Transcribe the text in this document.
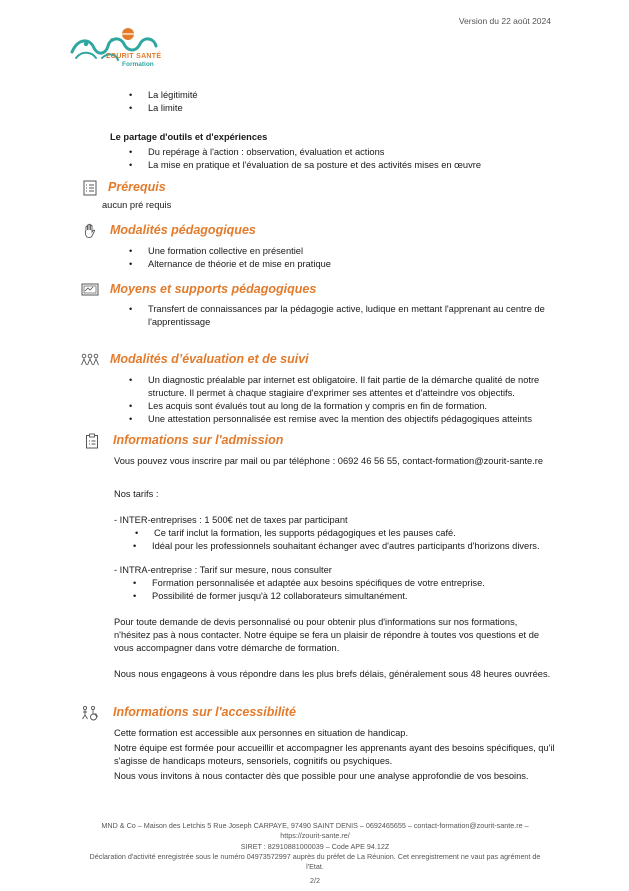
Version du 22 août 2024
ZOURIT SANTÉ
Formation
• La légitimité
• La limite
Le partage d'outils et d'expériences
• Du repérage à l'action : observation, évaluation et actions
• La mise en pratique et l'évaluation de sa posture et des activités mises en œuvre
Prérequis
aucun pré requis
Modalités pédagogiques
• Une formation collective en présentiel
• Alternance de théorie et de mise en pratique
Moyens et supports pédagogiques
• Transfert de connaissances par la pédagogie active, ludique en mettant l'apprenant au centre de
l'apprentissage
Modalités d’évaluation et de suivi
• Un diagnostic préalable par internet est obligatoire. Il fait partie de la démarche qualité de notre
structure. Il permet à chaque stagiaire d'exprimer ses attentes et d'atteindre vos objectifs.
• Les acquis sont évalués tout au long de la formation y compris en fin de formation.
• Une attestation personnalisée est remise avec la mention des objectifs pédagogiques atteints
Informations sur l'admission
Vous pouvez vous inscrire par mail ou par téléphone : 0692 46 56 55, contact-formation@zourit-sante.re
Nos tarifs :
- INTER-entreprises : 1 500€ net de taxes par participant
• Ce tarif inclut la formation, les supports pédagogiques et les pauses café.
• Idéal pour les professionnels souhaitant échanger avec d'autres participants d'horizons divers.
- INTRA-entreprise : Tarif sur mesure, nous consulter
• Formation personnalisée et adaptée aux besoins spécifiques de votre entreprise.
• Possibilité de former jusqu'à 12 collaborateurs simultanément.
Pour toute demande de devis personnalisé ou pour obtenir plus d'informations sur nos formations,
n'hésitez pas à nous contacter. Notre équipe se fera un plaisir de répondre à toutes vos questions et de
vous accompagner dans votre démarche de formation.
Nous nous engageons à vous répondre dans les plus brefs délais, généralement sous 48 heures ouvrées.
Informations sur l'accessibilité
Cette formation est accessible aux personnes en situation de handicap.
Notre équipe est formée pour accueillir et accompagner les apprenants ayant des besoins spécifiques, qu'il
s'agisse de handicaps moteurs, sensoriels, cognitifs ou psychiques.
Nous vous invitons à nous contacter dès que possible pour une analyse approfondie de vos besoins.
MND & Co – Maison des Letchis 5 Rue Joseph CARPAYE, 97490 SAINT DENIS – 0692465655 – contact-formation@zourit-sante.re –
https://zourit-sante.re/
SIRET : 82910881000039 – Code APE 94.12Z
Déclaration d'activité enregistrée sous le numéro 04973572997 auprès du préfet de La Réunion. Cet enregistrement ne vaut pas agrément de
l'Etat.
2/2
